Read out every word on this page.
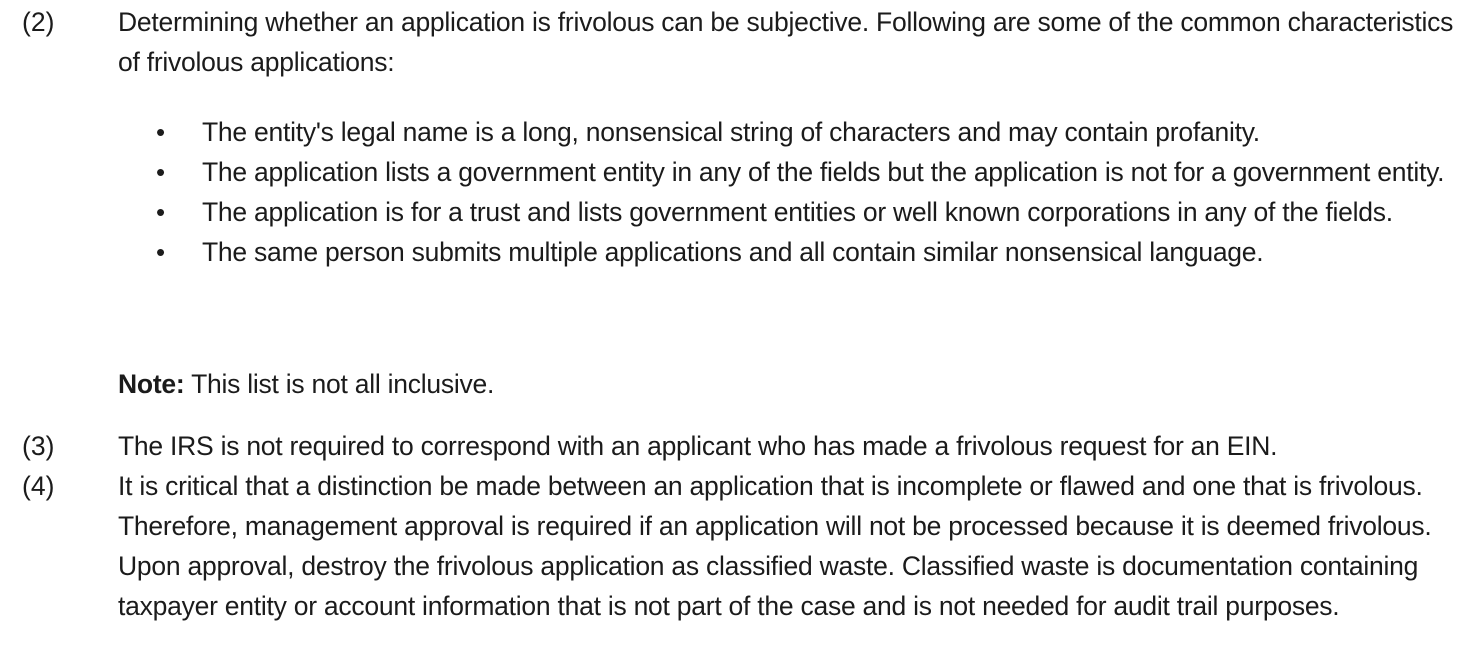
(2)	Determining whether an application is frivolous can be subjective. Following are some of the common characteristics of frivolous applications:
• The entity's legal name is a long, nonsensical string of characters and may contain profanity.
• The application lists a government entity in any of the fields but the application is not for a government entity.
• The application is for a trust and lists government entities or well known corporations in any of the fields.
• The same person submits multiple applications and all contain similar nonsensical language.
Note: This list is not all inclusive.
(3)	The IRS is not required to correspond with an applicant who has made a frivolous request for an EIN.
(4)	It is critical that a distinction be made between an application that is incomplete or flawed and one that is frivolous. Therefore, management approval is required if an application will not be processed because it is deemed frivolous. Upon approval, destroy the frivolous application as classified waste. Classified waste is documentation containing taxpayer entity or account information that is not part of the case and is not needed for audit trail purposes.
